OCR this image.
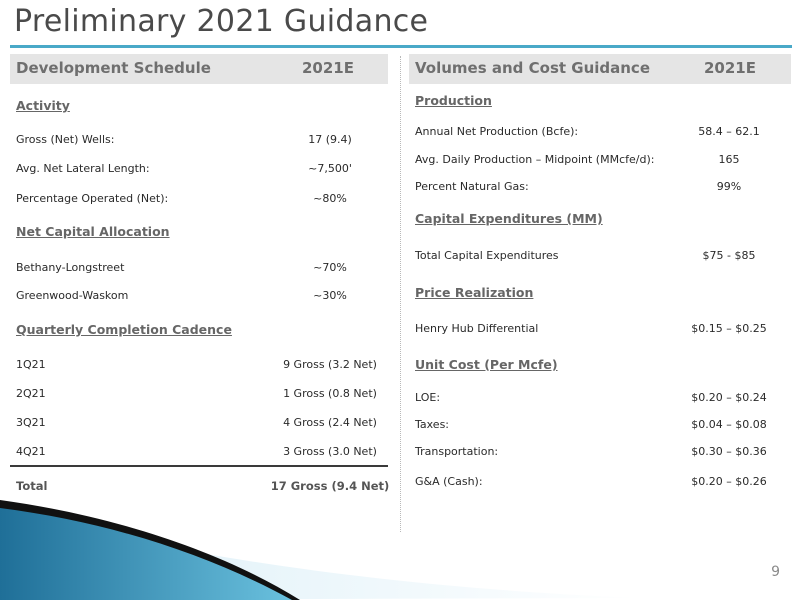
Preliminary 2021 Guidance
Development Schedule	2021E
Activity
Gross (Net) Wells:	17 (9.4)
Avg. Net Lateral Length:	~7,500'
Percentage Operated (Net):	~80%
Net Capital Allocation
Bethany-Longstreet	~70%
Greenwood-Waskom	~30%
Quarterly Completion Cadence
1Q21	9 Gross (3.2 Net)
2Q21	1 Gross (0.8 Net)
3Q21	4 Gross (2.4 Net)
4Q21	3 Gross (3.0 Net)
Total	17 Gross (9.4 Net)
Volumes and Cost Guidance	2021E
Production
Annual Net Production (Bcfe):	58.4 – 62.1
Avg. Daily Production – Midpoint (MMcfe/d):	165
Percent Natural Gas:	99%
Capital Expenditures (MM)
Total Capital Expenditures	$75 - $85
Price Realization
Henry Hub Differential	$0.15 – $0.25
Unit Cost (Per Mcfe)
LOE:	$0.20 – $0.24
Taxes:	$0.04 – $0.08
Transportation:	$0.30 – $0.36
G&A (Cash):	$0.20 – $0.26
9
